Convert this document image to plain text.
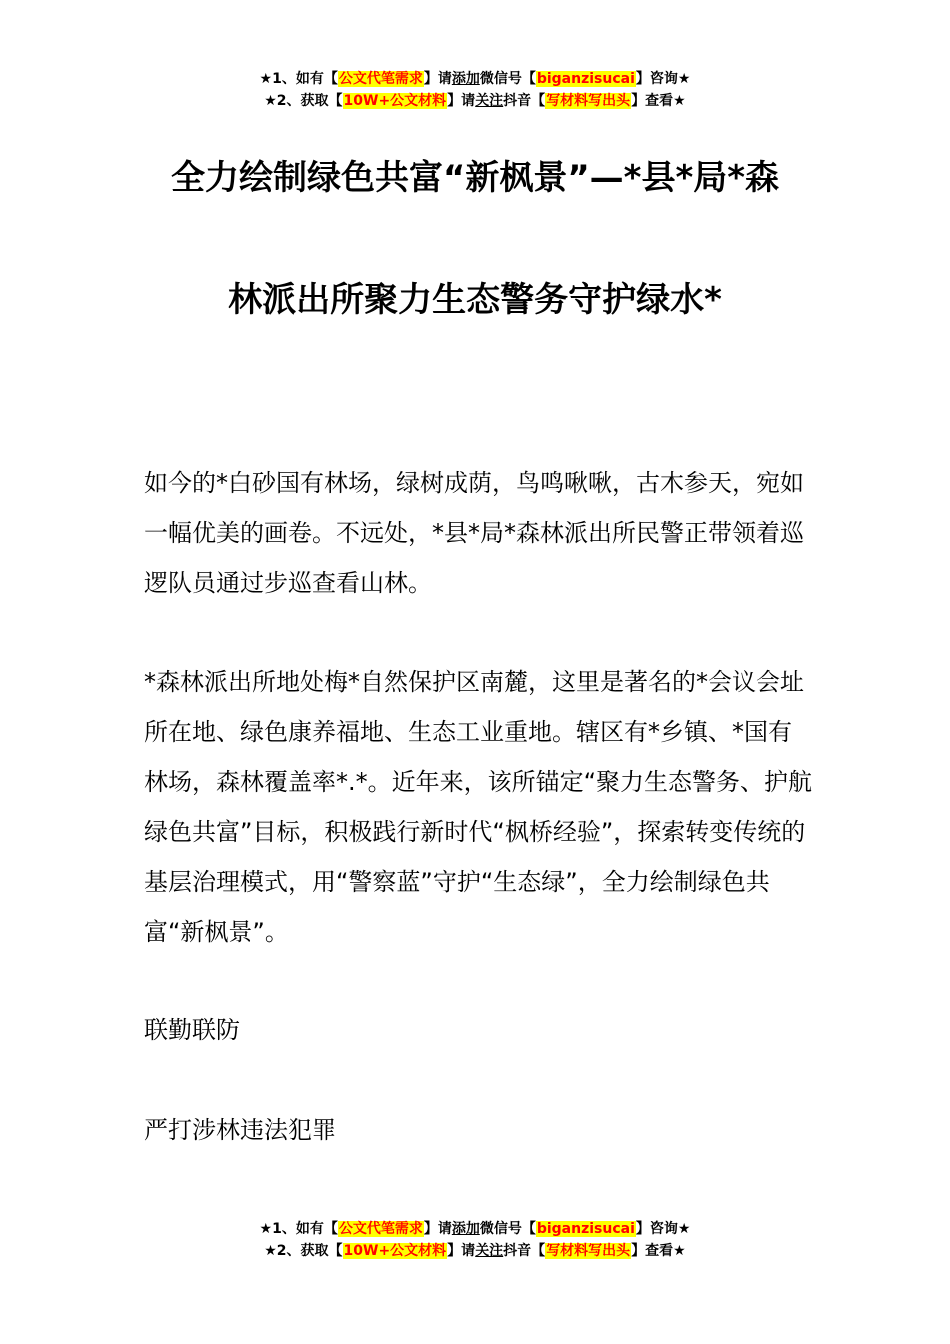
★1、如有【公文代笔需求】请添加微信号【biganzisucai】咨询★
★2、获取【10W+公文材料】请关注抖音【写材料写出头】查看★
全力绘制绿色共富“新枫景”—*县*局*森
林派出所聚力生态警务守护绿水*

如今的*白砂国有林场，绿树成荫，鸟鸣啾啾，古木参天，宛如一幅优美的画卷。不远处，*县*局*森林派出所民警正带领着巡逻队员通过步巡查看山林。

*森林派出所地处梅*自然保护区南麓，这里是著名的*会议会址所在地、绿色康养福地、生态工业重地。辖区有*乡镇、*国有林场，森林覆盖率*.*。近年来，该所锚定“聚力生态警务、护航绿色共富”目标，积极践行新时代“枫桥经验”，探索转变传统的基层治理模式，用“警察蓝”守护“生态绿”，全力绘制绿色共富“新枫景”。

联勤联防

严打涉林违法犯罪

★1、如有【公文代笔需求】请添加微信号【biganzisucai】咨询★
★2、获取【10W+公文材料】请关注抖音【写材料写出头】查看★
